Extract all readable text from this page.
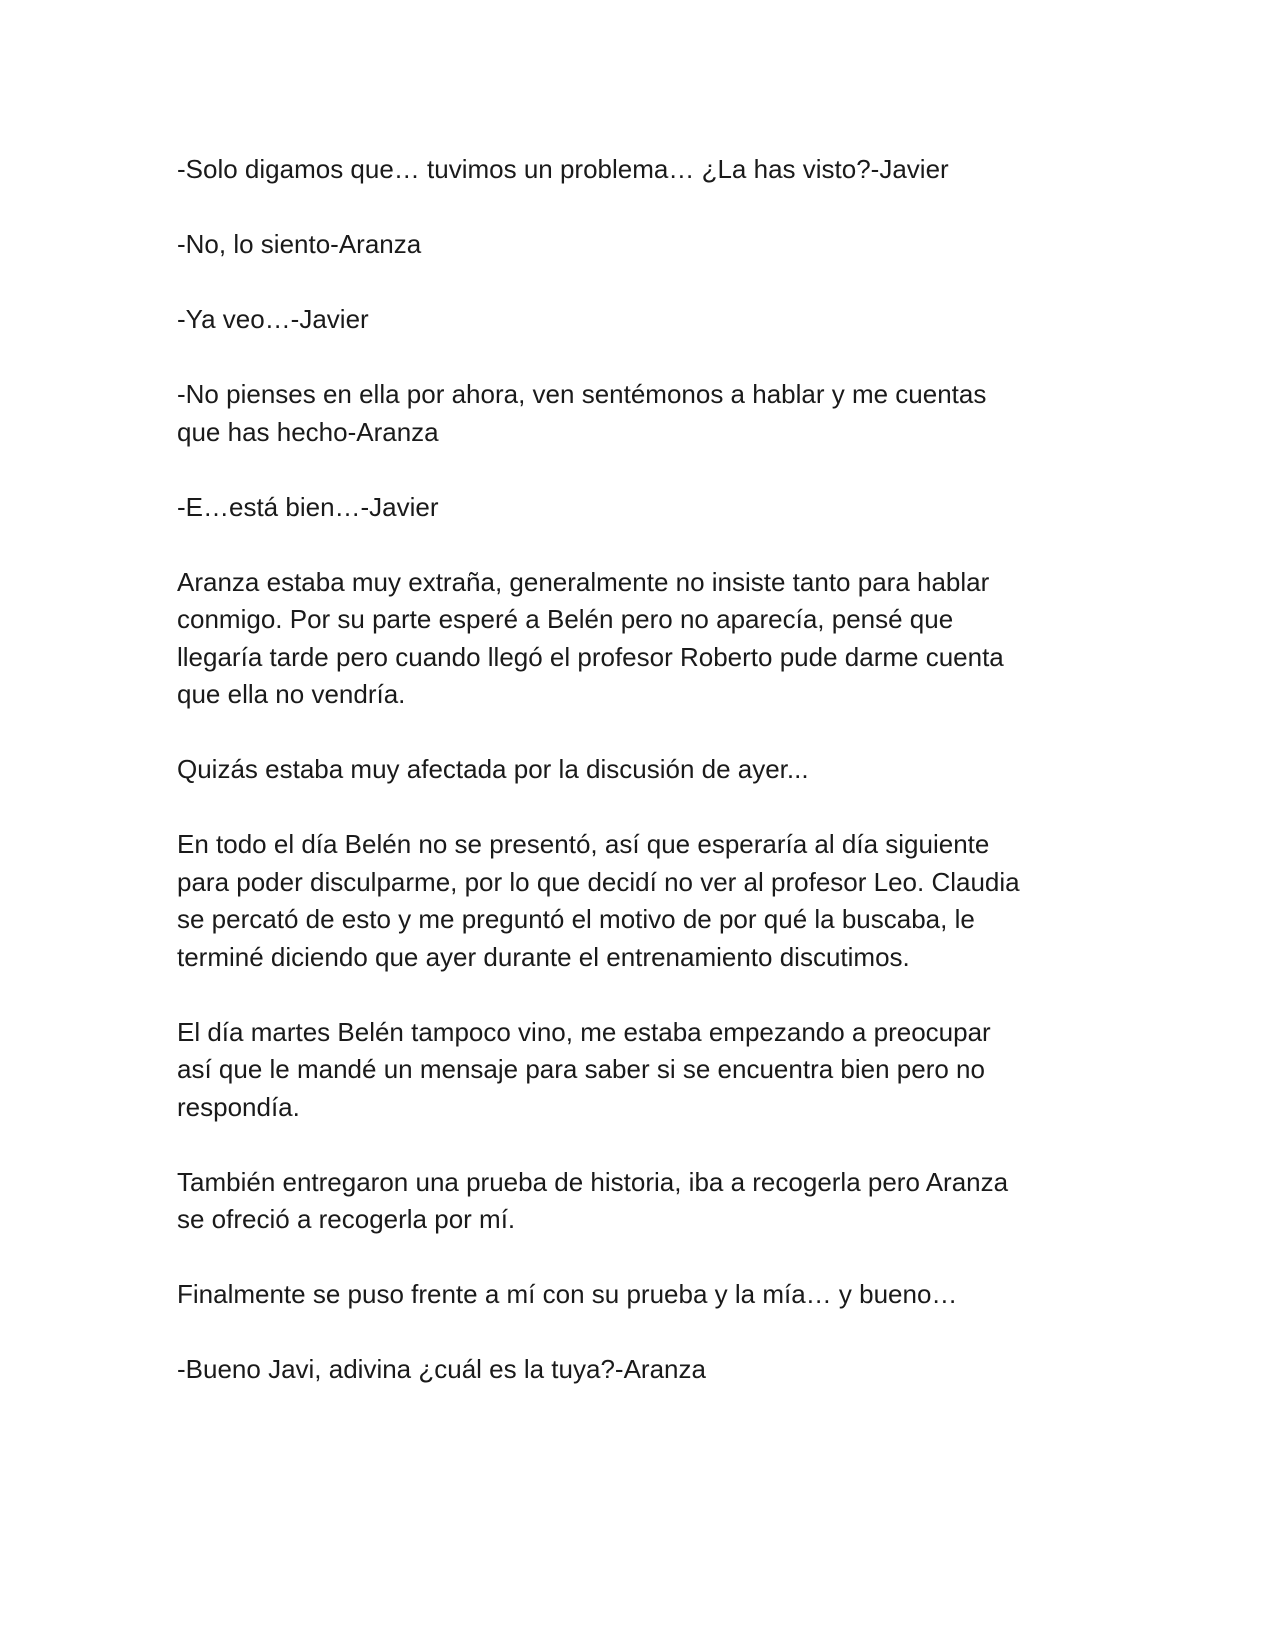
-Solo digamos que… tuvimos un problema… ¿La has visto?-Javier

-No, lo siento-Aranza

-Ya veo…-Javier

-No pienses en ella por ahora, ven sentémonos a hablar y me cuentas
que has hecho-Aranza

-E…está bien…-Javier

Aranza estaba muy extraña, generalmente no insiste tanto para hablar
conmigo. Por su parte esperé a Belén pero no aparecía, pensé que
llegaría tarde pero cuando llegó el profesor Roberto pude darme cuenta
que ella no vendría.

Quizás estaba muy afectada por la discusión de ayer...

En todo el día Belén no se presentó, así que esperaría al día siguiente
para poder disculparme, por lo que decidí no ver al profesor Leo. Claudia
se percató de esto y me preguntó el motivo de por qué la buscaba, le
terminé diciendo que ayer durante el entrenamiento discutimos.

El día martes Belén tampoco vino, me estaba empezando a preocupar
así que le mandé un mensaje para saber si se encuentra bien pero no
respondía.

También entregaron una prueba de historia, iba a recogerla pero Aranza
se ofreció a recogerla por mí.

Finalmente se puso frente a mí con su prueba y la mía… y bueno…

-Bueno Javi, adivina ¿cuál es la tuya?-Aranza
